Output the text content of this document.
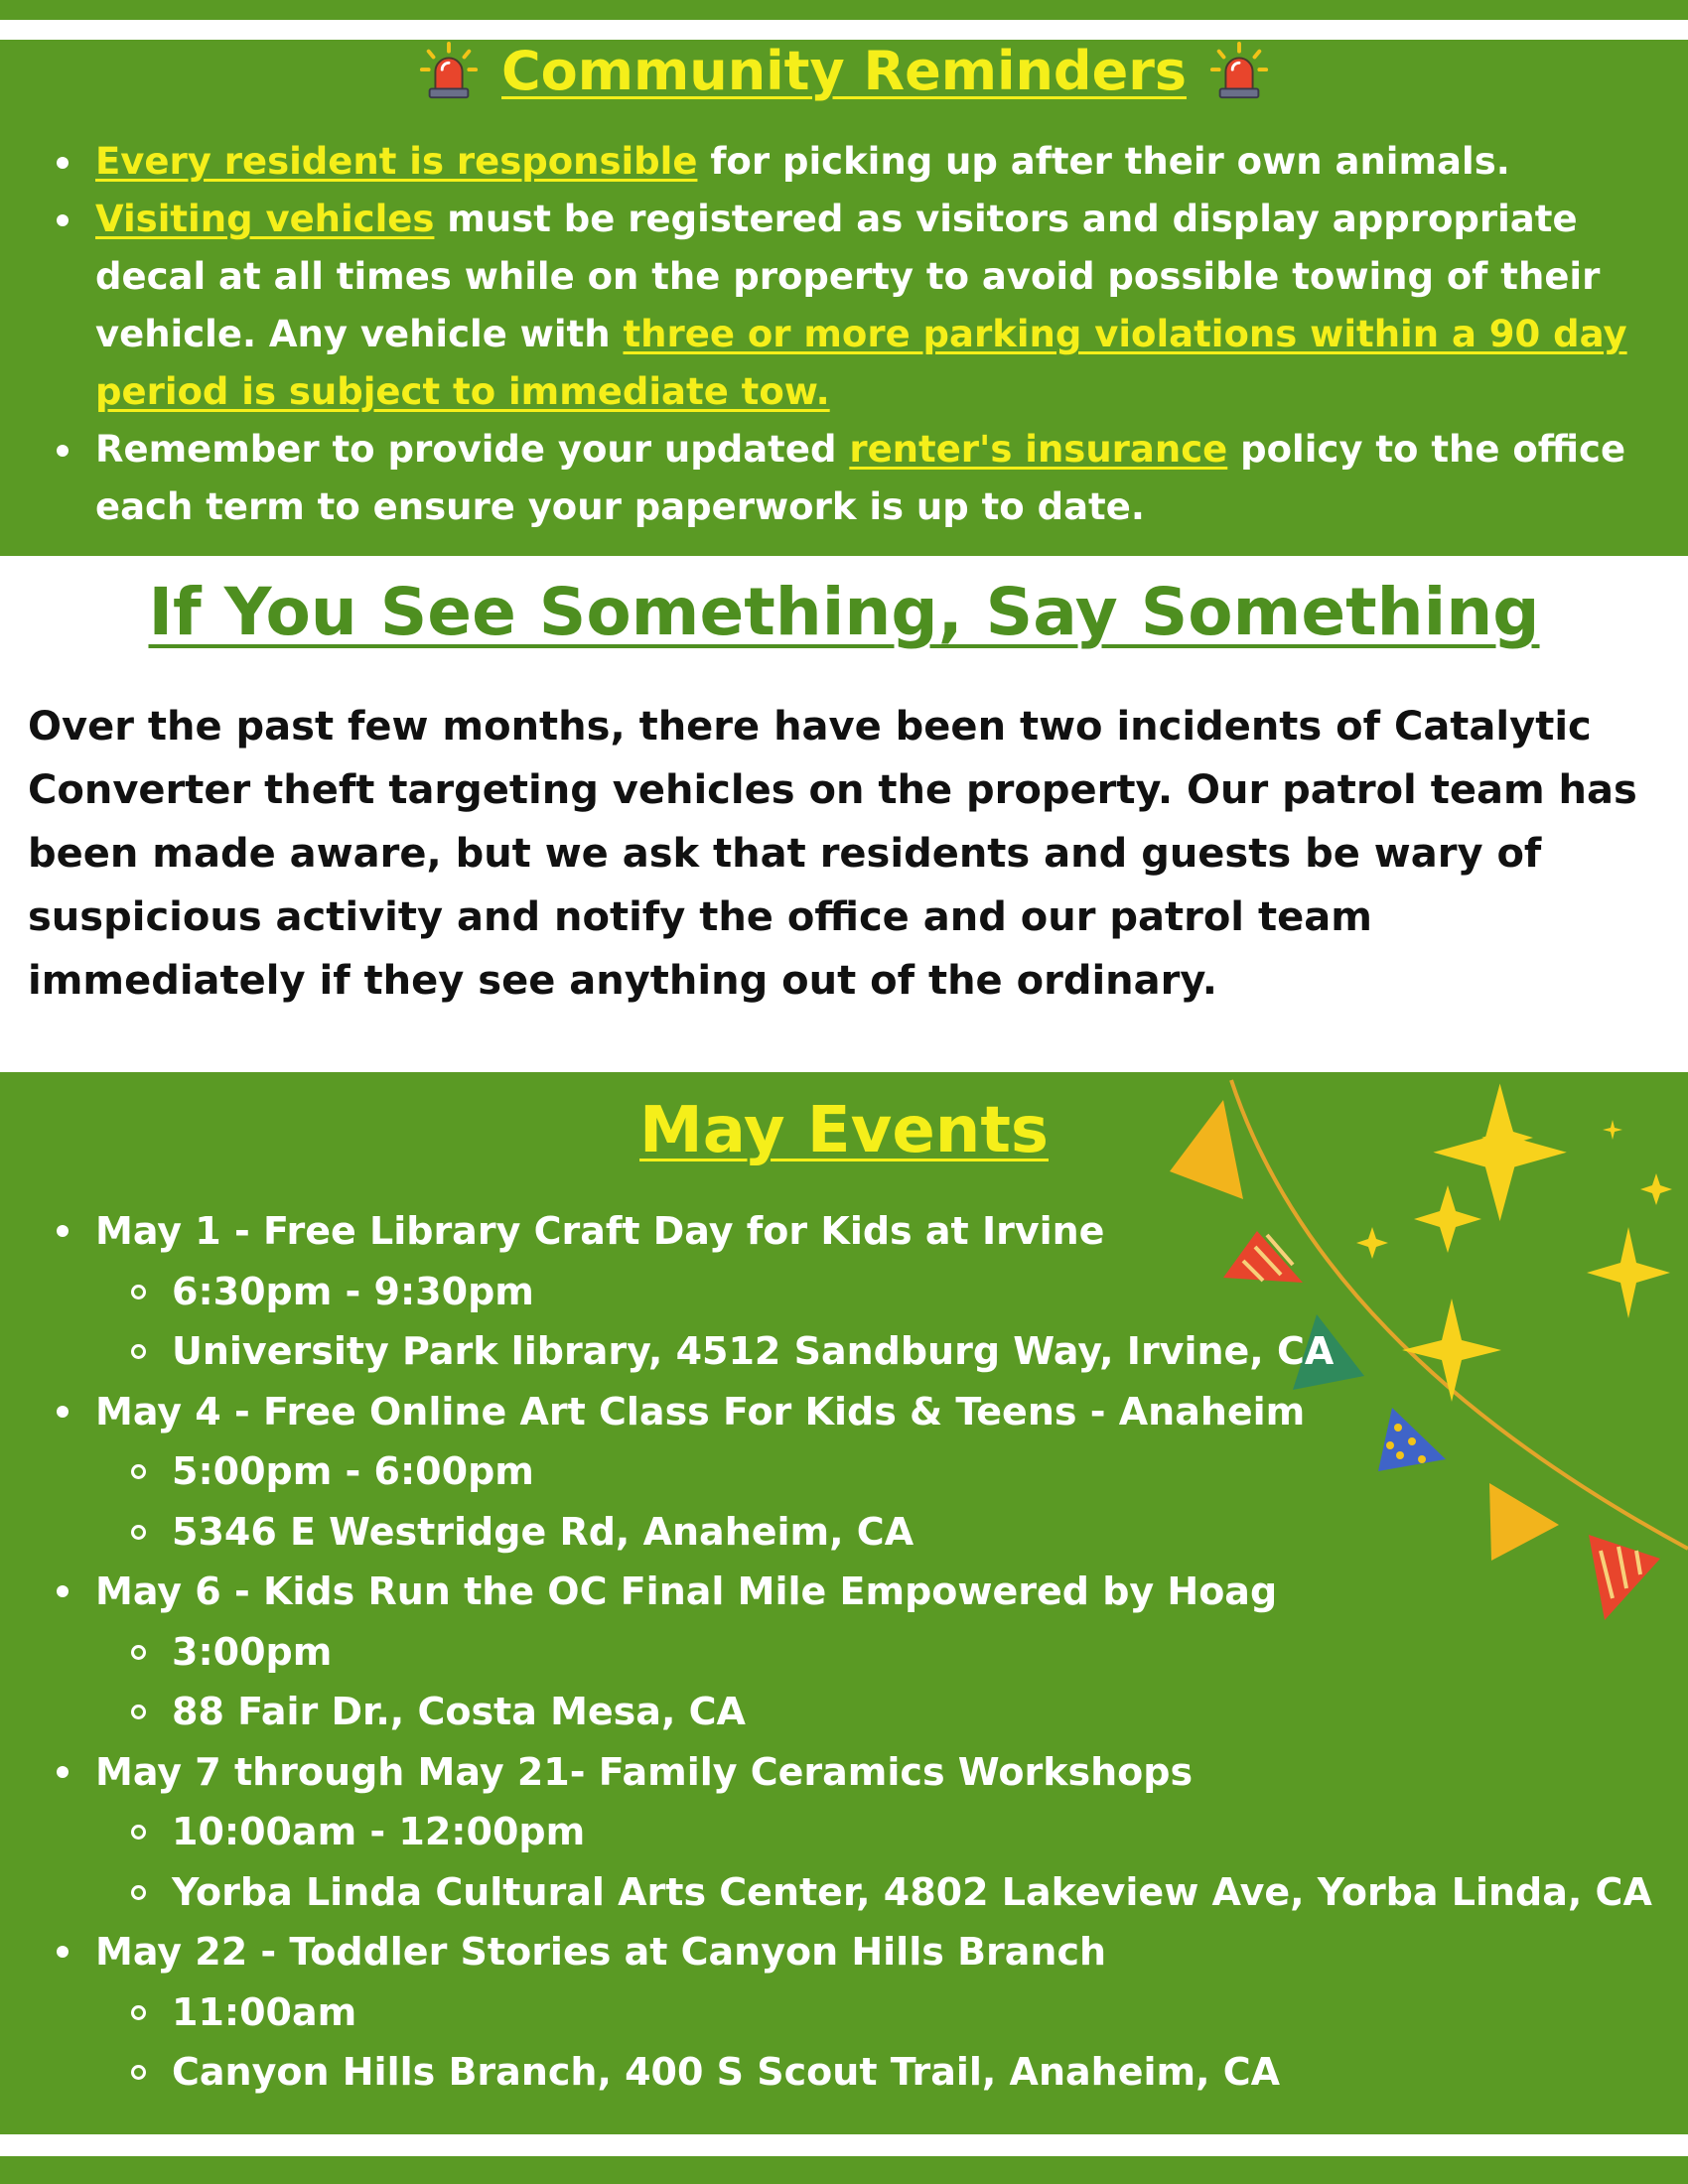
Community Reminders
Every resident is responsible for picking up after their own animals.
Visiting vehicles must be registered as visitors and display appropriate decal at all times while on the property to avoid possible towing of their vehicle. Any vehicle with three or more parking violations within a 90 day period is subject to immediate tow.
Remember to provide your updated renter's insurance policy to the office each term to ensure your paperwork is up to date.
If You See Something, Say Something

Over the past few months, there have been two incidents of Catalytic Converter theft targeting vehicles on the property. Our patrol team has been made aware, but we ask that residents and guests be wary of suspicious activity and notify the office and our patrol team immediately if they see anything out of the ordinary.

May Events
May 1 - Free Library Craft Day for Kids at Irvine
6:30pm - 9:30pm
University Park library, 4512 Sandburg Way, Irvine, CA
May 4 - Free Online Art Class For Kids & Teens - Anaheim
5:00pm - 6:00pm
5346 E Westridge Rd, Anaheim, CA
May 6 - Kids Run the OC Final Mile Empowered by Hoag
3:00pm
88 Fair Dr., Costa Mesa, CA
May 7 through May 21- Family Ceramics Workshops
10:00am - 12:00pm
Yorba Linda Cultural Arts Center, 4802 Lakeview Ave, Yorba Linda, CA
May 22 - Toddler Stories at Canyon Hills Branch
11:00am
Canyon Hills Branch, 400 S Scout Trail, Anaheim, CA
